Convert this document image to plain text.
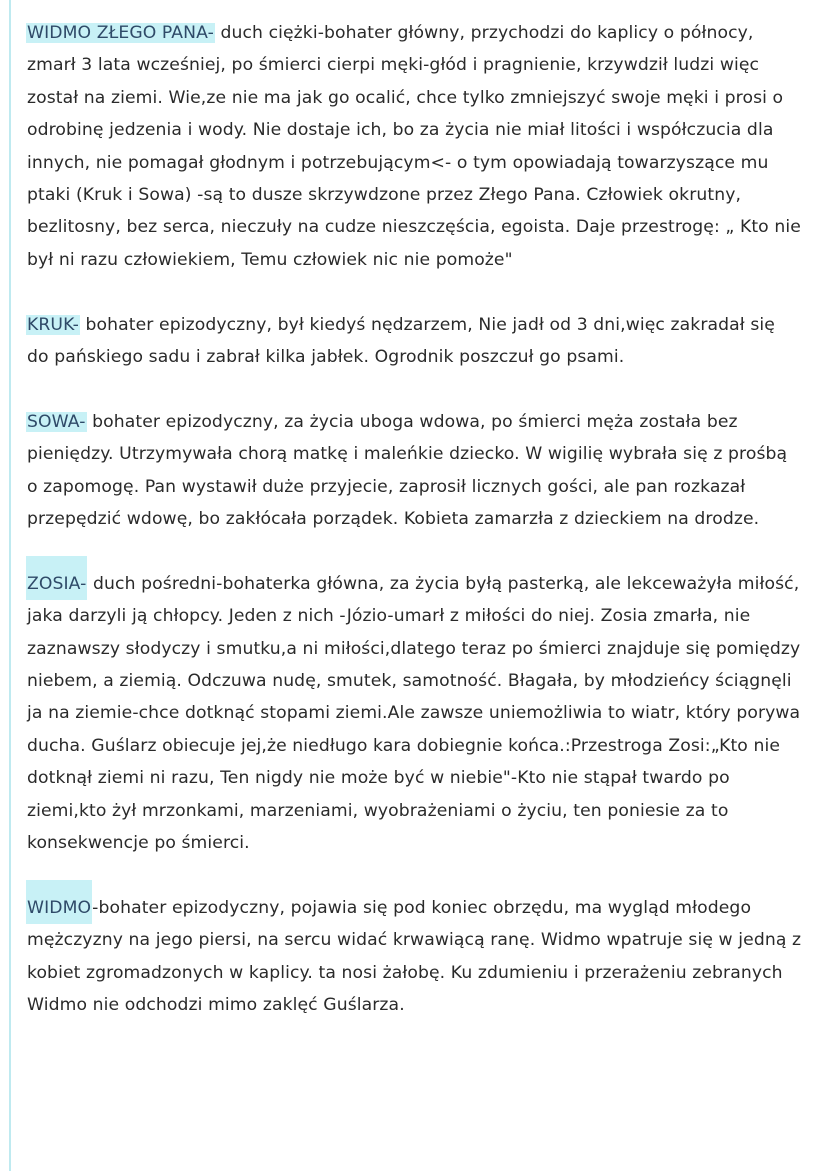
WIDMO ZŁEGO PANA- duch ciężki-bohater główny, przychodzi do kaplicy o północy, zmarł 3 lata wcześniej, po śmierci cierpi męki-głód i pragnienie, krzywdził ludzi więc został na ziemi. Wie,ze nie ma jak go ocalić, chce tylko zmniejszyć swoje męki i prosi o odrobinę jedzenia i wody. Nie dostaje ich, bo za życia nie miał litości i współczucia dla innych, nie pomagał głodnym i potrzebującym<- o tym opowiadają towarzyszące mu ptaki (Kruk i Sowa) -są to dusze skrzywdzone przez Złego Pana. Człowiek okrutny, bezlitosny, bez serca, nieczuły na cudze nieszczęścia, egoista. Daje przestrogę: „ Kto nie był ni razu człowiekiem, Temu człowiek nic nie pomoże"

KRUK- bohater epizodyczny, był kiedyś nędzarzem, Nie jadł od 3 dni,więc zakradał się do pańskiego sadu i zabrał kilka jabłek. Ogrodnik poszczuł go psami.

SOWA- bohater epizodyczny, za życia uboga wdowa, po śmierci męża została bez pieniędzy. Utrzymywała chorą matkę i maleńkie dziecko. W wigilię wybrała się z prośbą o zapomogę. Pan wystawił duże przyjecie, zaprosił licznych gości, ale pan rozkazał przepędzić wdowę, bo zakłócała porządek. Kobieta zamarzła z dzieckiem na drodze.

ZOSIA- duch pośredni-bohaterka główna, za życia byłą pasterką, ale lekceważyła miłość, jaka darzyli ją chłopcy. Jeden z nich -Józio-umarł z miłości do niej. Zosia zmarła, nie zaznawszy słodyczy i smutku,a ni miłości,dlatego teraz po śmierci znajduje się pomiędzy niebem, a ziemią. Odczuwa nudę, smutek, samotność. Błagała, by młodzieńcy ściągnęli ja na ziemie-chce dotknąć stopami ziemi.Ale zawsze uniemożliwia to wiatr, który porywa ducha. Guślarz obiecuje jej,że niedługo kara dobiegnie końca.:Przestroga Zosi:„Kto nie dotknął ziemi ni razu, Ten nigdy nie może być w niebie"-Kto nie stąpał twardo po ziemi,kto żył mrzonkami, marzeniami, wyobrażeniami o życiu, ten poniesie za to konsekwencje po śmierci.

WIDMO-bohater epizodyczny, pojawia się pod koniec obrzędu, ma wygląd młodego mężczyzny na jego piersi, na sercu widać krwawiącą ranę. Widmo wpatruje się w jedną z kobiet zgromadzonych w kaplicy. ta nosi żałobę. Ku zdumieniu i przerażeniu zebranych Widmo nie odchodzi mimo zaklęć Guślarza.
